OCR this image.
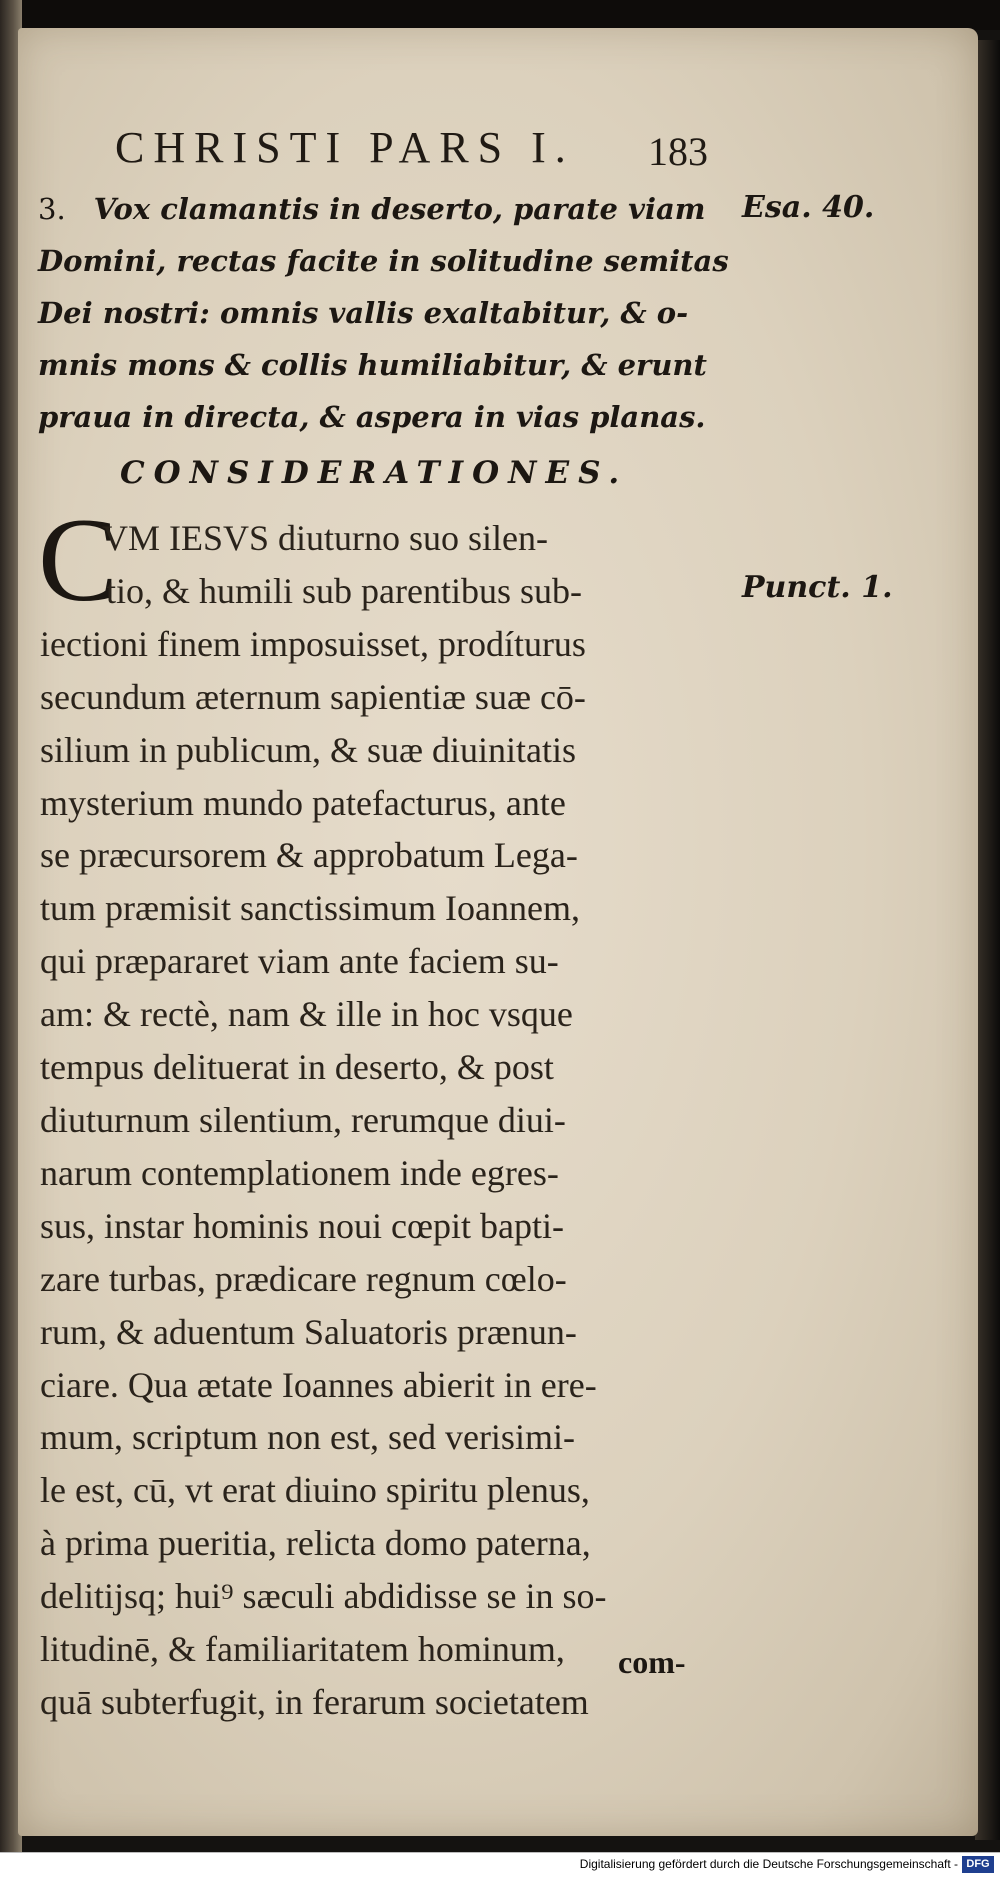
CHRISTI PARS I. 183
3. Vox clamantis in deserto, parate viam
Domini, rectas facite in solitudine semitas
Dei nostri: omnis vallis exaltabitur, & o-
mnis mons & collis humiliabitur, & erunt
praua in directa, & aspera in vias planas.
Esa. 40.
Punct. 1.
CONSIDERATIONES.
C
VM IESVS diuturno suo silen-
tio, & humili sub parentibus sub-
iectioni finem imposuisset, prodíturus
secundum æternum sapientiæ suæ cō-
silium in publicum, & suæ diuinitatis
mysterium mundo patefacturus, ante
se præcursorem & approbatum Lega-
tum præmisit sanctissimum Ioannem,
qui præpararet viam ante faciem su-
am: & rectè, nam & ille in hoc vsque
tempus delituerat in deserto, & post
diuturnum silentium, rerumque diui-
narum contemplationem inde egres-
sus, instar hominis noui cœpit bapti-
zare turbas, prædicare regnum cœlo-
rum, & aduentum Saluatoris prænun-
ciare. Qua ætate Ioannes abierit in ere-
mum, scriptum non est, sed verisimi-
le est, cū, vt erat diuino spiritu plenus,
à prima pueritia, relicta domo paterna,
delitijsq; hui⁹ sæculi abdidisse se in so-
litudinē, & familiaritatem hominum,
quā subterfugit, in ferarum societatem
com-
Digitalisierung gefördert durch die Deutsche Forschungsgemeinschaft - DFG
